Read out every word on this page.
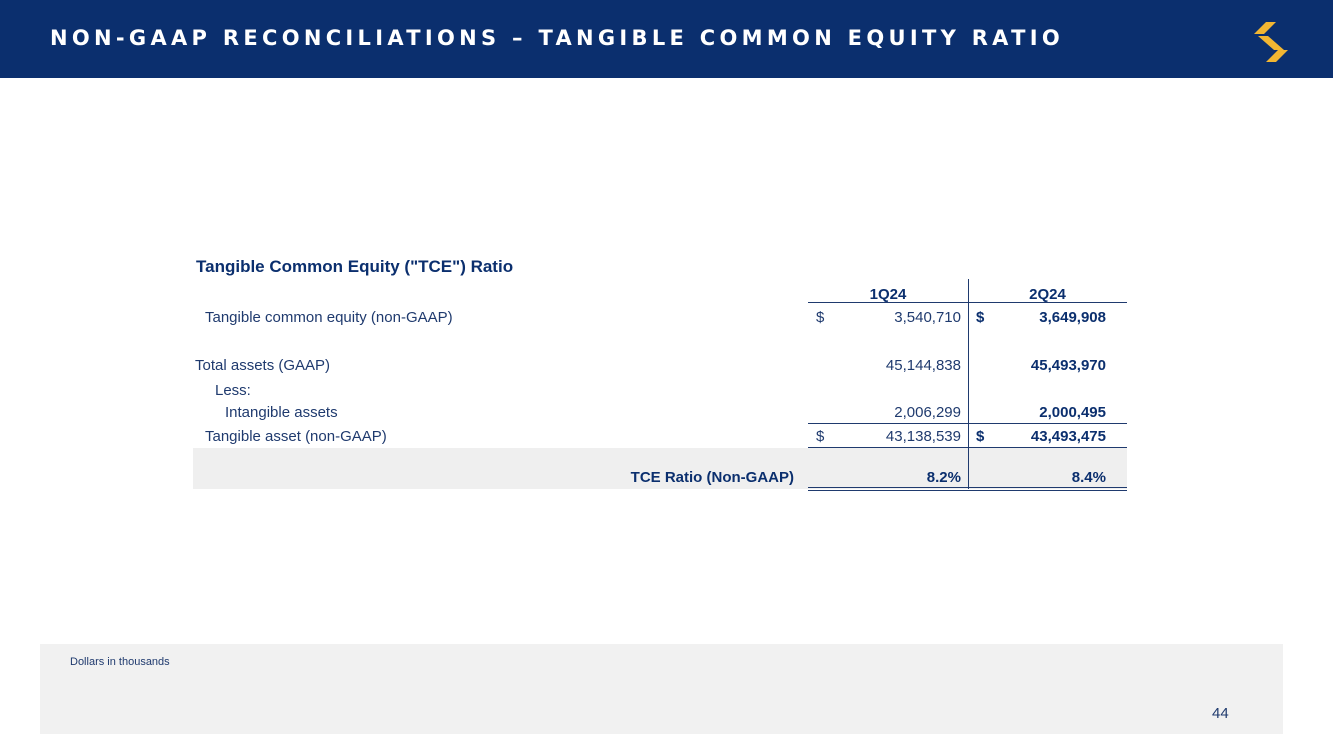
NON-GAAP RECONCILIATIONS – TANGIBLE COMMON EQUITY RATIO
Tangible Common Equity ("TCE") Ratio
1Q24	2Q24
Tangible common equity (non-GAAP)	$	3,540,710 $	3,649,908
Total assets (GAAP)	45,144,838	45,493,970
Less:
Intangible assets	2,006,299	2,000,495
Tangible asset (non-GAAP)	$	43,138,539 $	43,493,475
TCE Ratio (Non-GAAP)	8.2%	8.4%
Dollars in thousands
44
